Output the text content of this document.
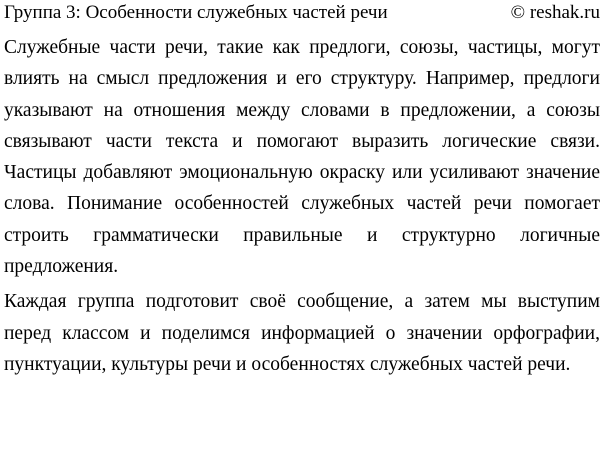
Группа 3: Особенности служебных частей речи	© reshak.ru

Служебные части речи, такие как предлоги, союзы, частицы, могут влиять на смысл предложения и его структуру. Например, предлоги указывают на отношения между словами в предложении, а союзы связывают части текста и помогают выразить логические связи. Частицы добавляют эмоциональную окраску или усиливают значение слова. Понимание особенностей служебных частей речи помогает строить грамматически правильные и структурно логичные предложения.

Каждая группа подготовит своё сообщение, а затем мы выступим перед классом и поделимся информацией о значении орфографии, пунктуации, культуры речи и особенностях служебных частей речи.
